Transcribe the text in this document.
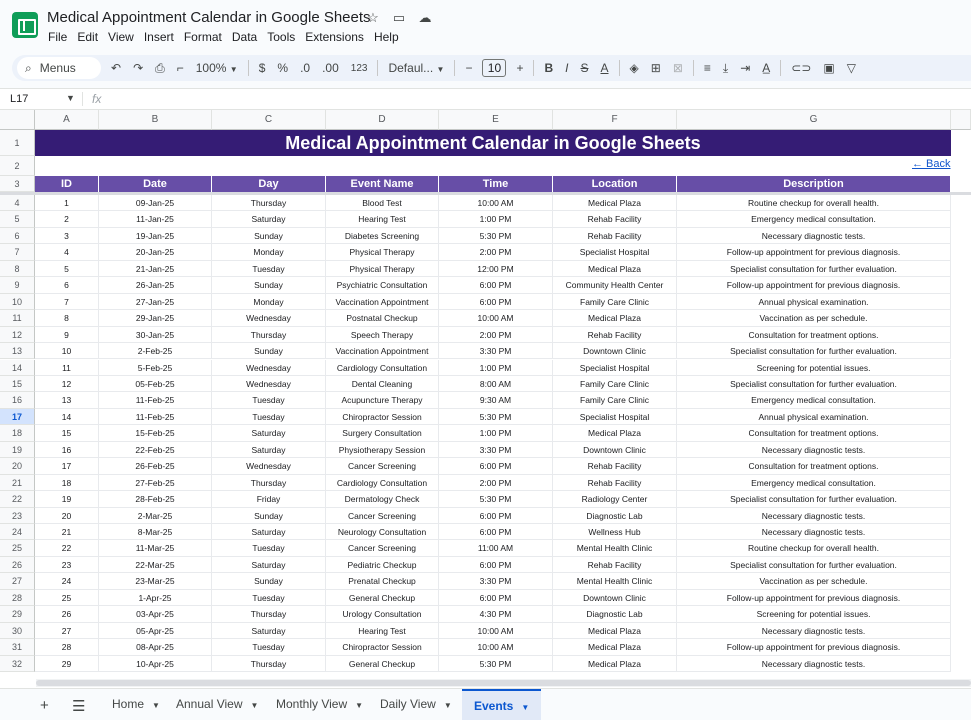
Medical Appointment Calendar in Google Sheets
☆ ▭ ☁
File Edit View Insert Format Data Tools Extensions Help
⌕ Menus	↶	↷	⎙	⌐	100% ▼	$	%	.0	.00	123	Defaul... ▼	−	10	+	B	I	S	A	◈	⊞	⊠	≡	⤓	⇥	A̲	⊂⊃	▣	▽
L17	▼ fx
Medical Appointment Calendar in Google Sheets
← Back
A	B	C	D	E	F	G
1
2
3	ID	Date	Day	Event Name	Time	Location	Description
4	1	09-Jan-25	Thursday	Blood Test	10:00 AM	Medical Plaza	Routine checkup for overall health.
5	2	11-Jan-25	Saturday	Hearing Test	1:00 PM	Rehab Facility	Emergency medical consultation.
6	3	19-Jan-25	Sunday	Diabetes Screening	5:30 PM	Rehab Facility	Necessary diagnostic tests.
7	4	20-Jan-25	Monday	Physical Therapy	2:00 PM	Specialist Hospital	Follow-up appointment for previous diagnosis.
8	5	21-Jan-25	Tuesday	Physical Therapy	12:00 PM	Medical Plaza	Specialist consultation for further evaluation.
9	6	26-Jan-25	Sunday	Psychiatric Consultation	6:00 PM	Community Health Center	Follow-up appointment for previous diagnosis.
10	7	27-Jan-25	Monday	Vaccination Appointment	6:00 PM	Family Care Clinic	Annual physical examination.
11	8	29-Jan-25	Wednesday	Postnatal Checkup	10:00 AM	Medical Plaza	Vaccination as per schedule.
12	9	30-Jan-25	Thursday	Speech Therapy	2:00 PM	Rehab Facility	Consultation for treatment options.
13	10	2-Feb-25	Sunday	Vaccination Appointment	3:30 PM	Downtown Clinic	Specialist consultation for further evaluation.
14	11	5-Feb-25	Wednesday	Cardiology Consultation	1:00 PM	Specialist Hospital	Screening for potential issues.
15	12	05-Feb-25	Wednesday	Dental Cleaning	8:00 AM	Family Care Clinic	Specialist consultation for further evaluation.
16	13	11-Feb-25	Tuesday	Acupuncture Therapy	9:30 AM	Family Care Clinic	Emergency medical consultation.
17	14	11-Feb-25	Tuesday	Chiropractor Session	5:30 PM	Specialist Hospital	Annual physical examination.
18	15	15-Feb-25	Saturday	Surgery Consultation	1:00 PM	Medical Plaza	Consultation for treatment options.
19	16	22-Feb-25	Saturday	Physiotherapy Session	3:30 PM	Downtown Clinic	Necessary diagnostic tests.
20	17	26-Feb-25	Wednesday	Cancer Screening	6:00 PM	Rehab Facility	Consultation for treatment options.
21	18	27-Feb-25	Thursday	Cardiology Consultation	2:00 PM	Rehab Facility	Emergency medical consultation.
22	19	28-Feb-25	Friday	Dermatology Check	5:30 PM	Radiology Center	Specialist consultation for further evaluation.
23	20	2-Mar-25	Sunday	Cancer Screening	6:00 PM	Diagnostic Lab	Necessary diagnostic tests.
24	21	8-Mar-25	Saturday	Neurology Consultation	6:00 PM	Wellness Hub	Necessary diagnostic tests.
25	22	11-Mar-25	Tuesday	Cancer Screening	11:00 AM	Mental Health Clinic	Routine checkup for overall health.
26	23	22-Mar-25	Saturday	Pediatric Checkup	6:00 PM	Rehab Facility	Specialist consultation for further evaluation.
27	24	23-Mar-25	Sunday	Prenatal Checkup	3:30 PM	Mental Health Clinic	Vaccination as per schedule.
28	25	1-Apr-25	Tuesday	General Checkup	6:00 PM	Downtown Clinic	Follow-up appointment for previous diagnosis.
29	26	03-Apr-25	Thursday	Urology Consultation	4:30 PM	Diagnostic Lab	Screening for potential issues.
30	27	05-Apr-25	Saturday	Hearing Test	10:00 AM	Medical Plaza	Necessary diagnostic tests.
31	28	08-Apr-25	Tuesday	Chiropractor Session	10:00 AM	Medical Plaza	Follow-up appointment for previous diagnosis.
32	29	10-Apr-25	Thursday	General Checkup	5:30 PM	Medical Plaza	Necessary diagnostic tests.
+ ☰	Home ▼	Annual View ▼	Monthly View ▼	Daily View ▼	Events ▼
